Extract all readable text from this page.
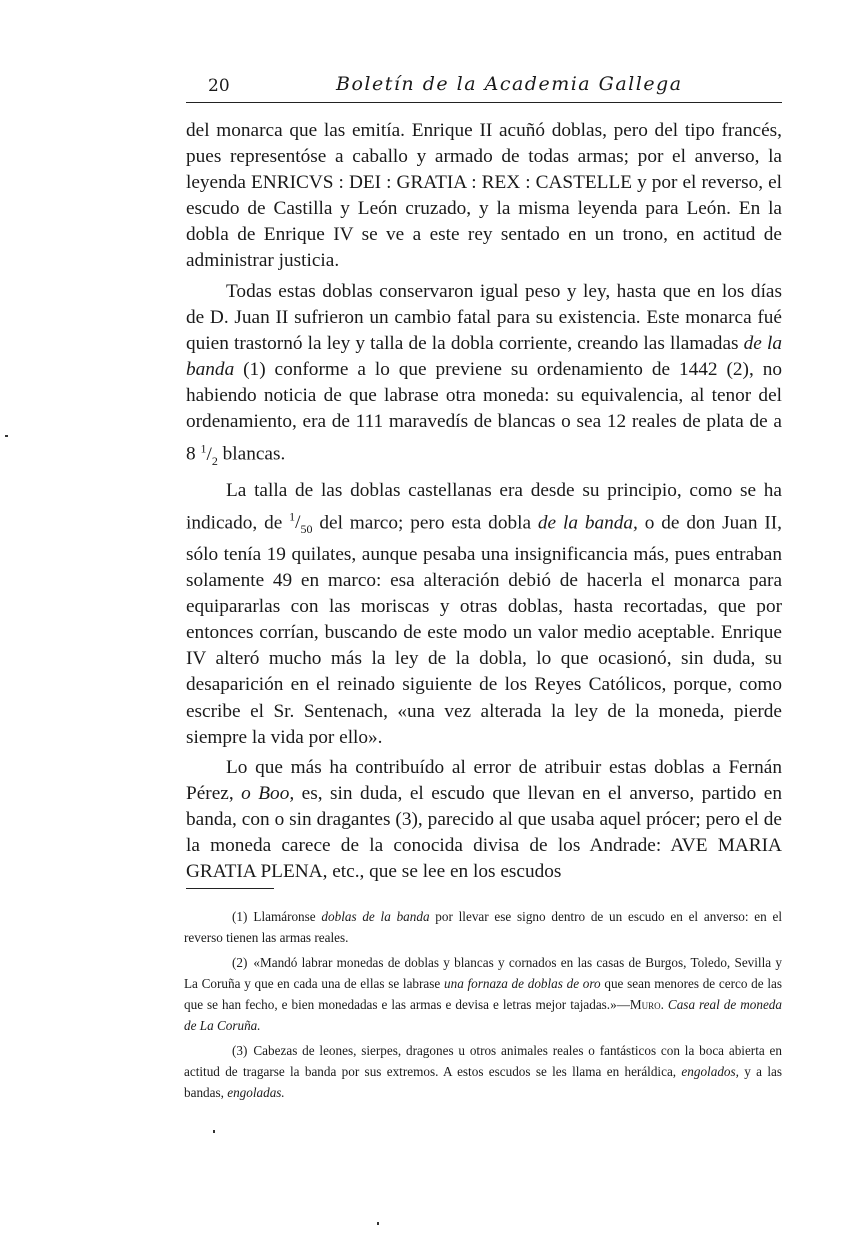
20	Boletín de la Academia Gallega

del monarca que las emitía. Enrique II acuñó doblas, pero del tipo francés, pues representóse a caballo y armado de todas armas; por el anverso, la leyenda ENRICVS : DEI : GRATIA : REX : CASTELLE y por el reverso, el escudo de Castilla y León cruzado, y la misma leyenda para León. En la dobla de Enrique IV se ve a este rey sentado en un trono, en actitud de administrar justicia.

Todas estas doblas conservaron igual peso y ley, hasta que en los días de D. Juan II sufrieron un cambio fatal para su existencia. Este monarca fué quien trastornó la ley y talla de la dobla corriente, creando las llamadas de la banda (1) conforme a lo que previene su ordenamiento de 1442 (2), no habiendo noticia de que labrase otra moneda: su equivalencia, al tenor del ordenamiento, era de 111 maravedís de blancas o sea 12 reales de plata de a 8 $^1/_2$ blancas.

La talla de las doblas castellanas era desde su principio, como se ha indicado, de $^1/_{50}$ del marco; pero esta dobla de la banda, o de don Juan II, sólo tenía 19 quilates, aunque pesaba una insignificancia más, pues entraban solamente 49 en marco: esa alteración debió de hacerla el monarca para equipararlas con las moriscas y otras doblas, hasta recortadas, que por entonces corrían, buscando de este modo un valor medio aceptable. Enrique IV alteró mucho más la ley de la dobla, lo que ocasionó, sin duda, su desaparición en el reinado siguiente de los Reyes Católicos, porque, como escribe el Sr. Sentenach, «una vez alterada la ley de la moneda, pierde siempre la vida por ello».

Lo que más ha contribuído al error de atribuir estas doblas a Fernán Pérez, o Boo, es, sin duda, el escudo que llevan en el anverso, partido en banda, con o sin dragantes (3), parecido al que usaba aquel prócer; pero el de la moneda carece de la conocida divisa de los Andrade: AVE MARIA GRATIA PLENA, etc., que se lee en los escudos

(1) Llamáronse doblas de la banda por llevar ese signo dentro de un escudo en el anverso: en el reverso tienen las armas reales.

(2) «Mandó labrar monedas de doblas y blancas y cornados en las casas de Burgos, Toledo, Sevilla y La Coruña y que en cada una de ellas se labrase una fornaza de doblas de oro que sean menores de cerco de las que se han fecho, e bien monedadas e las armas e devisa e letras mejor tajadas.»—Muro. Casa real de moneda de La Coruña.

(3) Cabezas de leones, sierpes, dragones u otros animales reales o fantásticos con la boca abierta en actitud de tragarse la banda por sus extremos. A estos escudos se les llama en heráldica, engolados, y a las bandas, engoladas.
